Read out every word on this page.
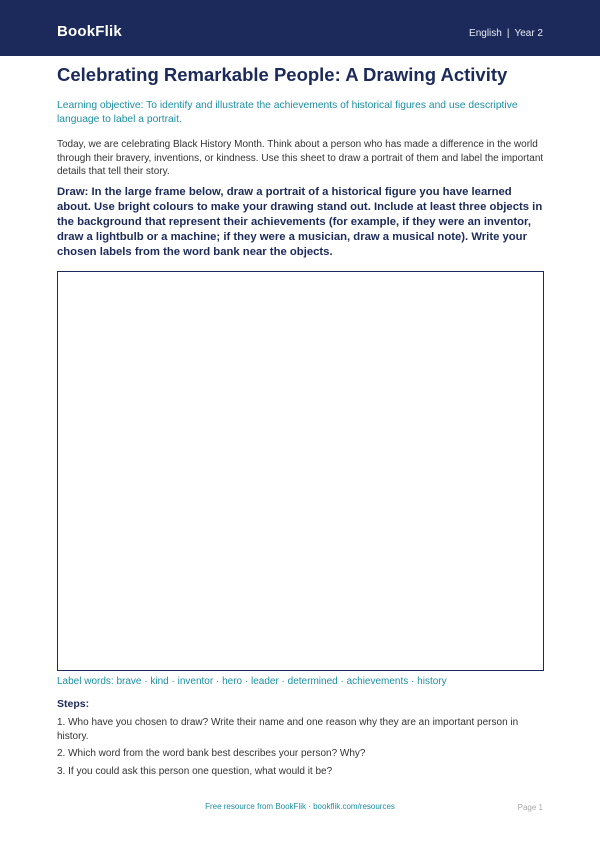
BookFlik	English | Year 2
Celebrating Remarkable People: A Drawing Activity
Learning objective: To identify and illustrate the achievements of historical figures and use descriptive language to label a portrait.
Today, we are celebrating Black History Month. Think about a person who has made a difference in the world through their bravery, inventions, or kindness. Use this sheet to draw a portrait of them and label the important details that tell their story.
Draw: In the large frame below, draw a portrait of a historical figure you have learned about. Use bright colours to make your drawing stand out. Include at least three objects in the background that represent their achievements (for example, if they were an inventor, draw a lightbulb or a machine; if they were a musician, draw a musical note). Write your chosen labels from the word bank near the objects.
Label words: brave · kind · inventor · hero · leader · determined · achievements · history
Steps:
1. Who have you chosen to draw? Write their name and one reason why they are an important person in history.
2. Which word from the word bank best describes your person? Why?
3. If you could ask this person one question, what would it be?
Free resource from BookFlik · bookflik.com/resources	Page 1
